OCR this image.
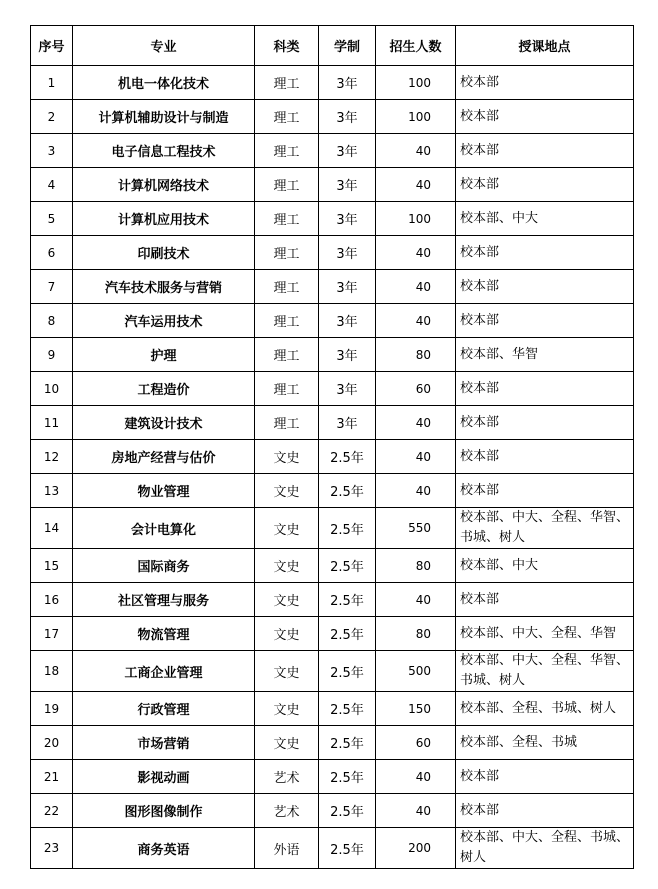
序号	专业	科类	学制	招生人数	授课地点
1	机电一体化技术	理工	3年	100	校本部
2	计算机辅助设计与制造	理工	3年	100	校本部
3	电子信息工程技术	理工	3年	40	校本部
4	计算机网络技术	理工	3年	40	校本部
5	计算机应用技术	理工	3年	100	校本部、中大
6	印刷技术	理工	3年	40	校本部
7	汽车技术服务与营销	理工	3年	40	校本部
8	汽车运用技术	理工	3年	40	校本部
9	护理	理工	3年	80	校本部、华智
10	工程造价	理工	3年	60	校本部
11	建筑设计技术	理工	3年	40	校本部
12	房地产经营与估价	文史	2.5年	40	校本部
13	物业管理	文史	2.5年	40	校本部
14	会计电算化	文史	2.5年	550	校本部、中大、全程、华智、书城、树人
15	国际商务	文史	2.5年	80	校本部、中大
16	社区管理与服务	文史	2.5年	40	校本部
17	物流管理	文史	2.5年	80	校本部、中大、全程、华智
18	工商企业管理	文史	2.5年	500	校本部、中大、全程、华智、书城、树人
19	行政管理	文史	2.5年	150	校本部、全程、书城、树人
20	市场营销	文史	2.5年	60	校本部、全程、书城
21	影视动画	艺术	2.5年	40	校本部
22	图形图像制作	艺术	2.5年	40	校本部
23	商务英语	外语	2.5年	200	校本部、中大、全程、书城、树人
